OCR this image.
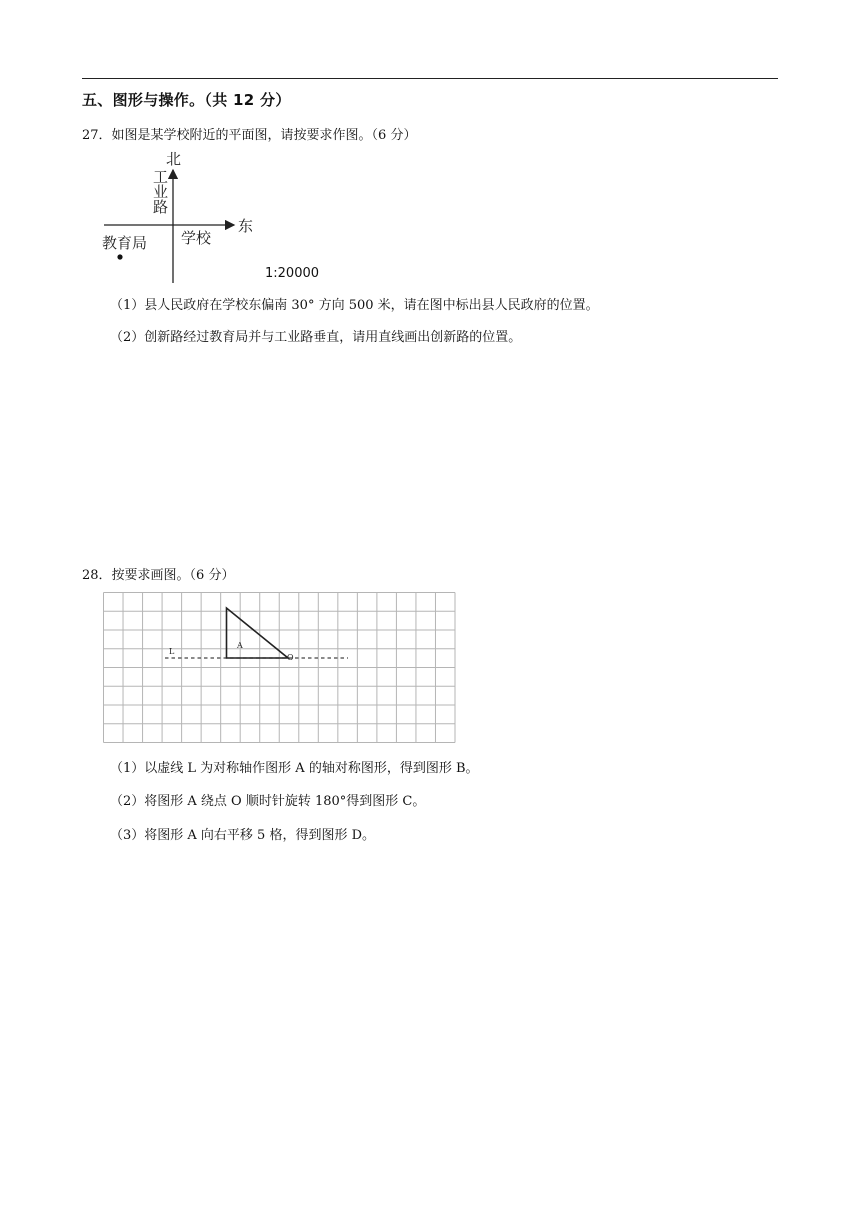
五、图形与操作。（共 12 分）
27．如图是某学校附近的平面图，请按要求作图。（6 分）
北
工
业
路
东
学校
教育局
1:20000
（1）县人民政府在学校东偏南 30° 方向 500 米，请在图中标出县人民政府的位置。
（2）创新路经过教育局并与工业路垂直，请用直线画出创新路的位置。
28．按要求画图。（6 分）
L
A
O
（1）以虚线 L 为对称轴作图形 A 的轴对称图形，得到图形 B。
（2）将图形 A 绕点 O 顺时针旋转 180°得到图形 C。
（3）将图形 A 向右平移 5 格，得到图形 D。
